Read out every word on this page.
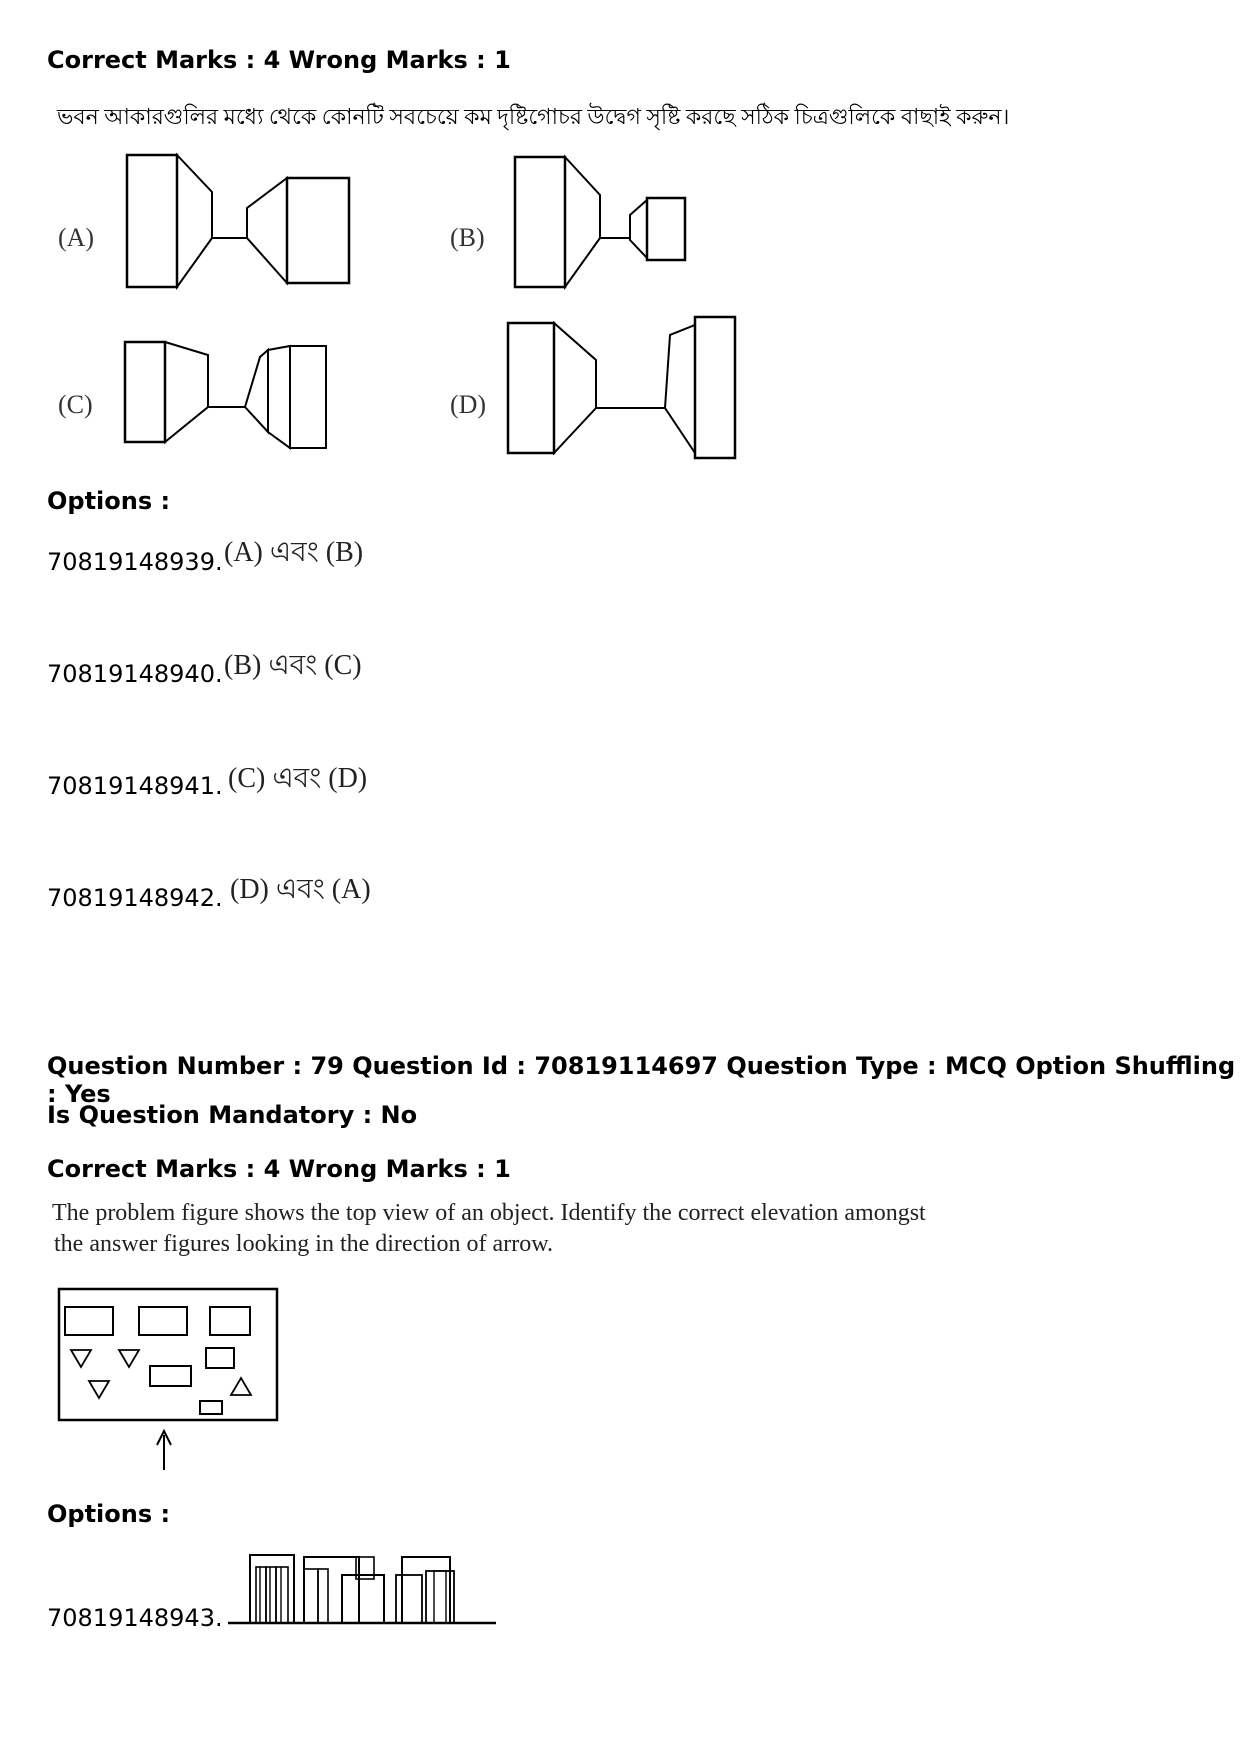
Correct Marks : 4 Wrong Marks : 1
ভবন আকারগুলির মধ্যে থেকে কোনটি সবচেয়ে কম দৃষ্টিগোচর উদ্বেগ সৃষ্টি করছে সঠিক চিত্রগুলিকে বাছাই করুন।
(A)	(B)
(C)	(D)
Options :
70819148939. (A) এবং (B)
70819148940. (B) এবং (C)
70819148941. (C) এবং (D)
70819148942. (D) এবং (A)
Question Number : 79 Question Id : 70819114697 Question Type : MCQ Option Shuffling : Yes
Is Question Mandatory : No
Correct Marks : 4 Wrong Marks : 1
The problem figure shows the top view of an object. Identify the correct elevation amongst
the answer figures looking in the direction of arrow.
Options :
70819148943.
